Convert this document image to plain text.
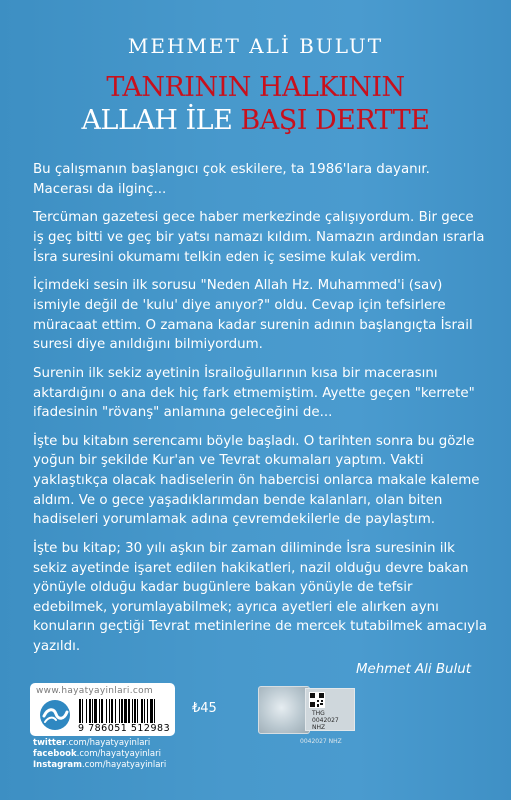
MEHMET ALİ BULUT
TANRININ HALKININ
ALLAH İLE BAŞI DERTTE

Bu çalışmanın başlangıcı çok eskilere, ta 1986'lara dayanır. Macerası da ilginç...

Tercüman gazetesi gece haber merkezinde çalışıyordum. Bir gece iş geç bitti ve geç bir yatsı namazı kıldım. Namazın ardından ısrarla İsra suresini okumamı telkin eden iç sesime kulak verdim.

İçimdeki sesin ilk sorusu "Neden Allah Hz. Muhammed'i (sav) ismiyle değil de 'kulu' diye anıyor?" oldu. Cevap için tefsirlere müracaat ettim. O zamana kadar surenin adının başlangıçta İsrail suresi diye anıldığını bilmiyordum.

Surenin ilk sekiz ayetinin İsrailoğullarının kısa bir macerasını aktardığını o ana dek hiç fark etmemiştim. Ayette geçen "kerrete" ifadesinin "rövanş" anlamına geleceğini de...

İşte bu kitabın serencamı böyle başladı. O tarihten sonra bu gözle yoğun bir şekilde Kur'an ve Tevrat okumaları yaptım. Vakti yaklaştıkça olacak hadiselerin ön habercisi onlarca makale kaleme aldım. Ve o gece yaşadıklarımdan bende kalanları, olan biten hadiseleri yorumlamak adına çevremdekilerle de paylaştım.

İşte bu kitap; 30 yılı aşkın bir zaman diliminde İsra suresinin ilk sekiz ayetinde işaret edilen hakikatleri, nazil olduğu devre bakan yönüyle olduğu kadar bugünlere bakan yönüyle de tefsir edebilmek, yorumlayabilmek; ayrıca ayetleri ele alırken aynı konuların geçtiği Tevrat metinlerine de mercek tutabilmek amacıyla yazıldı.

Mehmet Ali Bulut
www.hayatyayinlari.com
9 786051 512983
twitter.com/hayatyayinlari
facebook.com/hayatyayinlari
Instagram.com/hayatyayinlari
₺45	THG
0042027
NHZ
0042027 NHZ
